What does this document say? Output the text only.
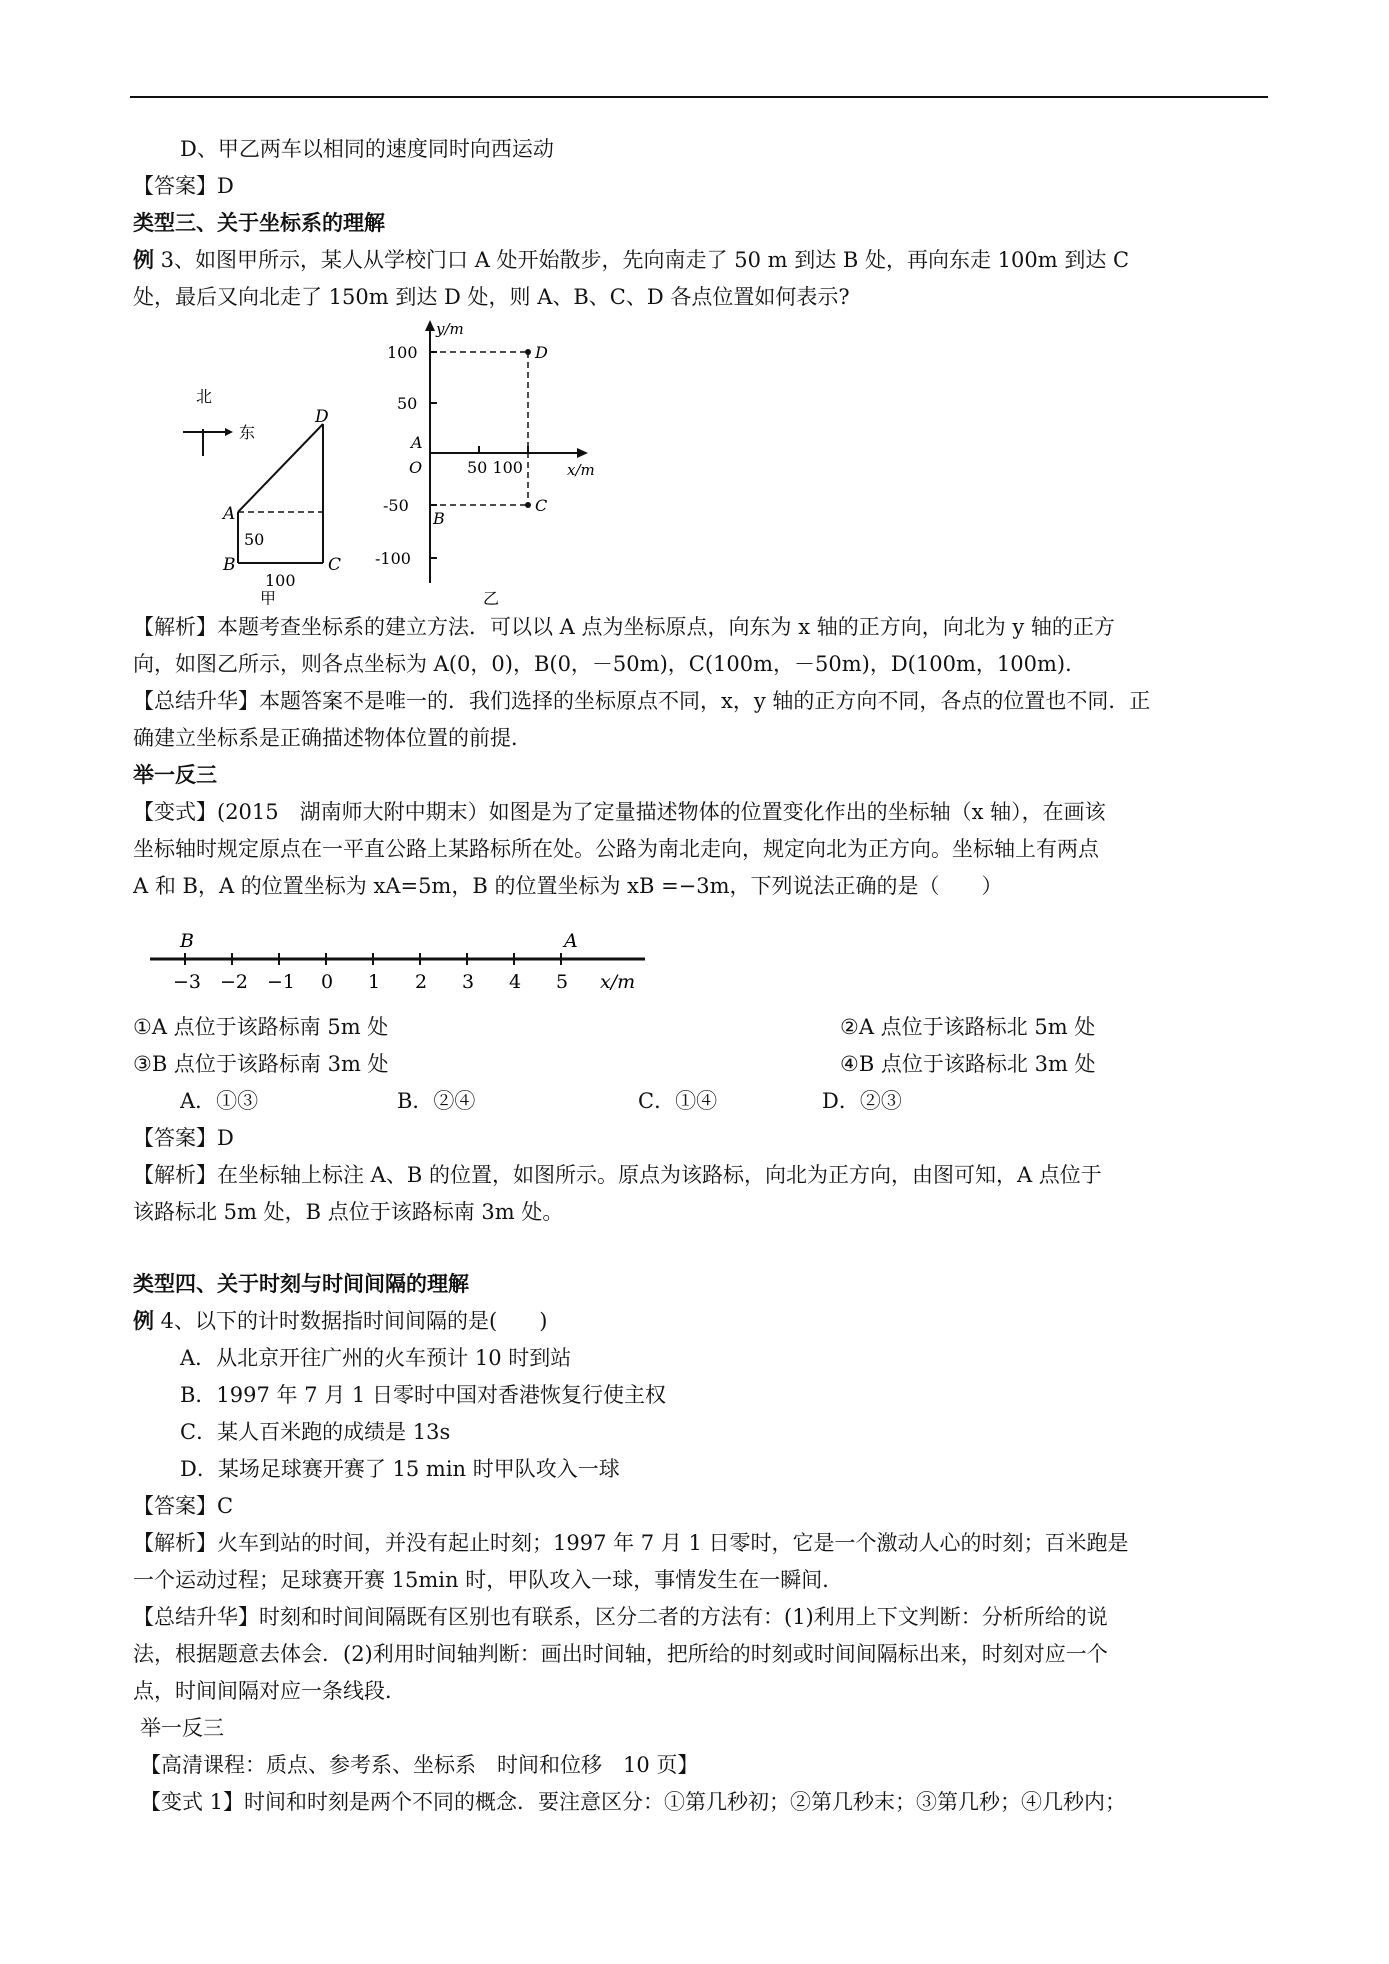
D、甲乙两车以相同的速度同时向西运动
【答案】D
类型三、关于坐标系的理解
例 3、如图甲所示，某人从学校门口 A 处开始散步，先向南走了 50 m 到达 B 处，再向东走 100m 到达 C
处，最后又向北走了 150m 到达 D 处，则 A、B、C、D 各点位置如何表示?
北
东
D
A
B	C
50
100
甲
y/m
x/m
100
50
-50
-100
A
O	50 100
D
C
B
乙
【解析】本题考查坐标系的建立方法．可以以 A 点为坐标原点，向东为 x 轴的正方向，向北为 y 轴的正方
向，如图乙所示，则各点坐标为 A(0，0)，B(0，－50m)，C(100m，－50m)，D(100m，100m).
【总结升华】本题答案不是唯一的．我们选择的坐标原点不同，x，y 轴的正方向不同，各点的位置也不同．正
确建立坐标系是正确描述物体位置的前提．
举一反三
【变式】(2015　湖南师大附中期末）如图是为了定量描述物体的位置变化作出的坐标轴（x 轴），在画该
坐标轴时规定原点在一平直公路上某路标所在处。公路为南北走向，规定向北为正方向。坐标轴上有两点
A 和 B，A 的位置坐标为 xA=5m，B 的位置坐标为 xB =−3m，下列说法正确的是（　　）
−3 −2 −1 0 1 2 3 4 5
B	A
x/m
①A 点位于该路标南 5m 处	②A 点位于该路标北 5m 处
③B 点位于该路标南 3m 处	④B 点位于该路标北 3m 处
A．①③	B．②④	C．①④	D．②③
【答案】D
【解析】在坐标轴上标注 A、B 的位置，如图所示。原点为该路标，向北为正方向，由图可知，A 点位于
该路标北 5m 处，B 点位于该路标南 3m 处。
类型四、关于时刻与时间间隔的理解
例 4、以下的计时数据指时间间隔的是(　　)
A．从北京开往广州的火车预计 10 时到站
B．1997 年 7 月 1 日零时中国对香港恢复行使主权
C．某人百米跑的成绩是 13s
D．某场足球赛开赛了 15 min 时甲队攻入一球
【答案】C
【解析】火车到站的时间，并没有起止时刻；1997 年 7 月 1 日零时，它是一个激动人心的时刻；百米跑是
一个运动过程；足球赛开赛 15min 时，甲队攻入一球，事情发生在一瞬间．
【总结升华】时刻和时间间隔既有区别也有联系，区分二者的方法有：(1)利用上下文判断：分析所给的说
法，根据题意去体会．(2)利用时间轴判断：画出时间轴，把所给的时刻或时间间隔标出来，时刻对应一个
点，时间间隔对应一条线段．
举一反三
【高清课程：质点、参考系、坐标系　时间和位移　10 页】
【变式 1】时间和时刻是两个不同的概念．要注意区分：①第几秒初；②第几秒末；③第几秒；④几秒内；
